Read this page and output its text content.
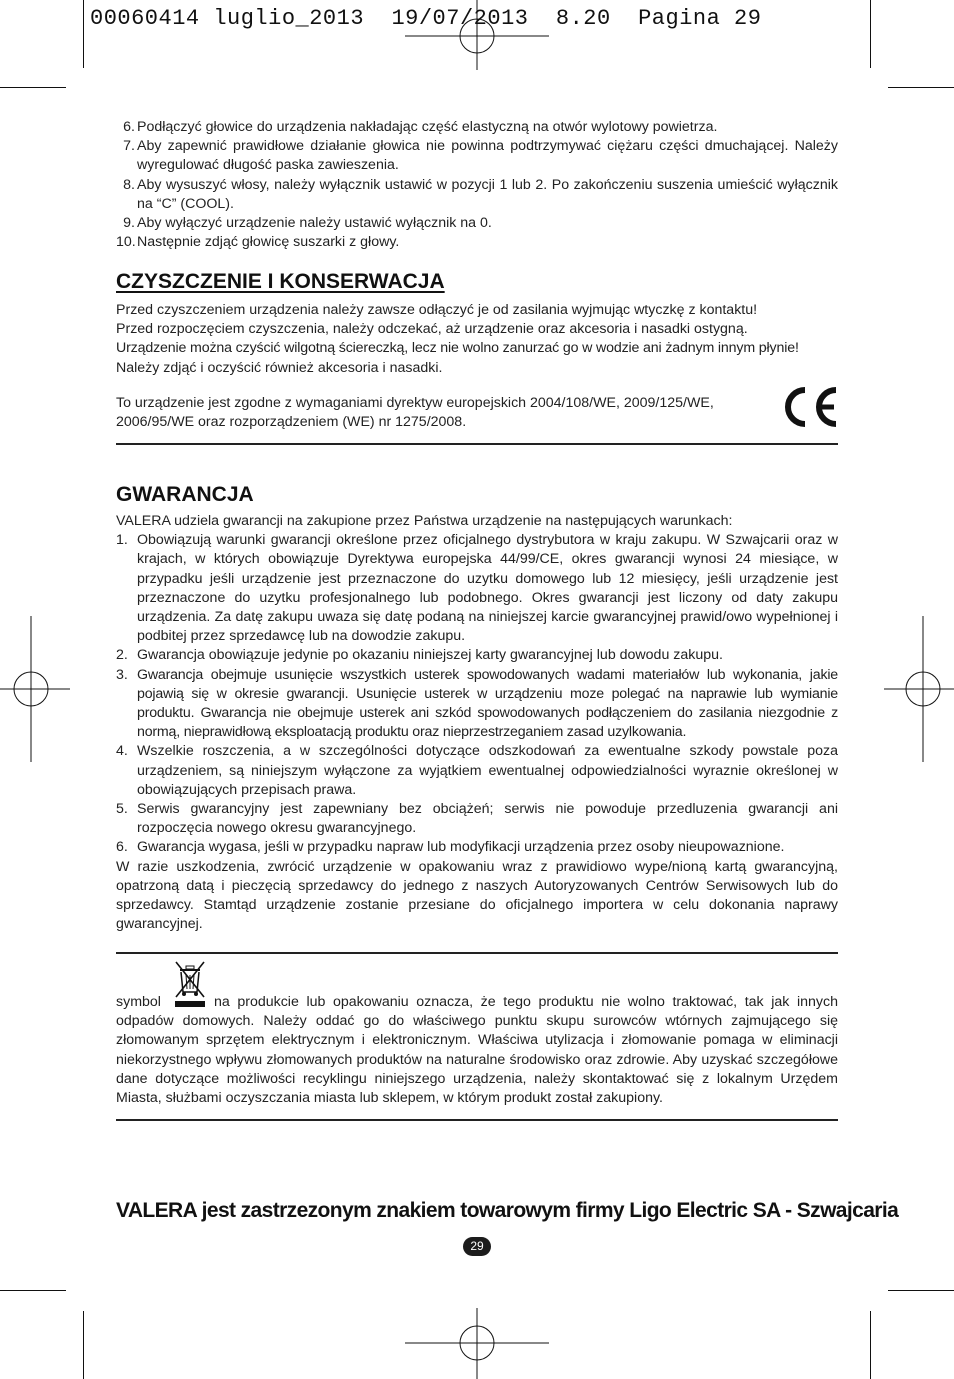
00060414 luglio_2013  19/07/2013  8.20  Pagina 29
6. Podłączyć głowice do urządzenia nakładając część elastyczną na otwór wylotowy powietrza.
7. Aby zapewnić prawidłowe działanie głowica nie powinna podtrzymywać ciężaru części dmuchającej. Należy wyregulować długość paska zawieszenia.
8. Aby wysuszyć włosy, należy wyłącznik ustawić w pozycji 1 lub 2. Po zakończeniu suszenia umieścić wyłącznik na “C” (COOL).
9. Aby wyłączyć urządzenie należy ustawić wyłącznik na 0.
10. Następnie zdjąć głowicę suszarki z głowy.
CZYSZCZENIE I KONSERWACJA

Przed czyszczeniem urządzenia należy zawsze odłączyć je od zasilania wyjmując wtyczkę z kontaktu!

Przed rozpoczęciem czyszczenia, należy odczekać, aż urządzenie oraz akcesoria i nasadki ostygną.

Urządzenie można czyścić wilgotną ściereczką, lecz nie wolno zanurzać go w wodzie ani żadnym innym płynie!

Należy zdjąć i oczyścić również akcesoria i nasadki.

To urządzenie jest zgodne z wymaganiami dyrektyw europejskich 2004/108/WE, 2009/125/WE, 2006/95/WE oraz rozporządzeniem (WE) nr 1275/2008.

GWARANCJA

VALERA udziela gwarancji na zakupione przez Państwa urządzenie na następujących warunkach:

1. Obowiązują warunki gwarancji określone przez oficjalnego dystrybutora w kraju zakupu. W Szwajcarii oraz w krajach, w których obowiązuje Dyrektywa europejska 44/99/CE, okres gwarancji wynosi 24 miesiące, w przypadku jeśli urządzenie jest przeznaczone do uzytku domowego lub 12 miesięcy, jeśli urządzenie jest przeznaczone do uzytku profesjonalnego lub podobnego. Okres gwarancji jest liczony od daty zakupu urządzenia. Za datę zakupu uwaza się datę podaną na niniejszej karcie gwarancyjnej prawid/owo wypełnionej i podbitej przez sprzedawcę lub na dowodzie zakupu.
2. Gwarancja obowiązuje jedynie po okazaniu niniejszej karty gwarancyjnej lub dowodu zakupu.
3. Gwarancja obejmuje usunięcie wszystkich usterek spowodowanych wadami materiałów lub wykonania, jakie pojawią się w okresie gwarancji. Usunięcie usterek w urządzeniu moze polegać na naprawie lub wymianie produktu. Gwarancja nie obejmuje usterek ani szkód spowodowanych podłączeniem do zasilania niezgodnie z normą, nieprawidłową eksploatacją produktu oraz nieprzestrzeganiem zasad uzylkowania.
4. Wszelkie roszczenia, a w szczególności dotyczące odszkodowań za ewentualne szkody powstale poza urządzeniem, są niniejszym wyłączone za wyjątkiem ewentualnej odpowiedzialności wyraznie określonej w obowiązujących przepisach prawa.
5. Serwis gwarancyjny jest zapewniany bez obciążeń; serwis nie powoduje przedluzenia gwarancji ani rozpoczęcia nowego okresu gwarancyjnego.
6. Gwarancja wygasa, jeśli w przypadku napraw lub modyfikacji urządzenia przez osoby nieupowaznione.

W razie uszkodzenia, zwrócić urządzenie w opakowaniu wraz z prawidiowo wype/nioną kartą gwarancyjną, opatrzoną datą i pieczęcią sprzedawcy do jednego z naszych Autoryzowanych Centrów Serwisowych lub do sprzedawcy. Stamtąd urządzenie zostanie przesiane do oficjalnego importera w celu dokonania naprawy gwarancyjnej.

symbol	na produkcie lub opakowaniu oznacza, że tego produktu nie wolno traktować, tak jak innych odpadów domowych. Należy oddać go do właściwego punktu skupu surowców wtórnych zajmującego się złomowanym sprzętem elektrycznym i elektronicznym. Właściwa utylizacja i złomowanie pomaga w eliminacji niekorzystnego wpływu złomowanych produktów na naturalne środowisko oraz zdrowie. Aby uzyskać szczegółowe dane dotyczące możliwości recyklingu niniejszego urządzenia, należy skontaktować się z lokalnym Urzędem Miasta, służbami oczyszczania miasta lub sklepem, w którym produkt został zakupiony.

VALERA jest zastrzezonym znakiem towarowym firmy Ligo Electric SA - Szwajcaria
29
